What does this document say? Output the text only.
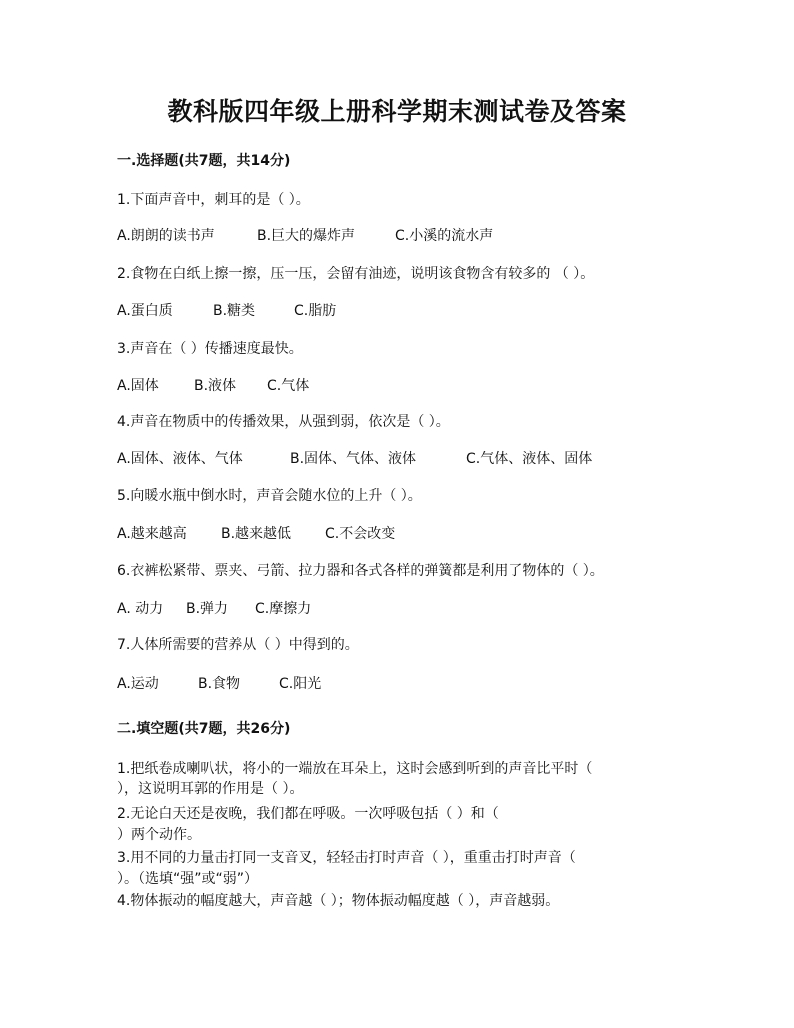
教科版四年级上册科学期末测试卷及答案
一.选择题(共7题，共14分)
1.下面声音中，刺耳的是（ ）。
A.朗朗的读书声	B.巨大的爆炸声	C.小溪的流水声
2.食物在白纸上擦一擦，压一压，会留有油迹，说明该食物含有较多的 （ ）。
A.蛋白质	B.糖类	C.脂肪
3.声音在（ ）传播速度最快。
A.固体	B.液体 C.气体
4.声音在物质中的传播效果，从强到弱，依次是（ ）。
A.固体、液体、气体	B.固体、气体、液体	C.气体、液体、固体
5.向暖水瓶中倒水时，声音会随水位的上升（ ）。
A.越来越高 B.越来越低 C.不会改变
6.衣裤松紧带、票夹、弓箭、拉力器和各式各样的弹簧都是利用了物体的（ ）。
A. 动力 B.弹力 C.摩擦力
7.人体所需要的营养从（ ）中得到的。
A.运动	B.食物	C.阳光
二.填空题(共7题，共26分)
1.把纸卷成喇叭状，将小的一端放在耳朵上，这时会感到听到的声音比平时（
），这说明耳郭的作用是（ ）。
2.无论白天还是夜晚，我们都在呼吸。一次呼吸包括（ ）和（
）两个动作。
3.用不同的力量击打同一支音叉，轻轻击打时声音（ ），重重击打时声音（
）。（选填“强”或“弱”）
4.物体振动的幅度越大，声音越（ ）；物体振动幅度越（ ），声音越弱。
